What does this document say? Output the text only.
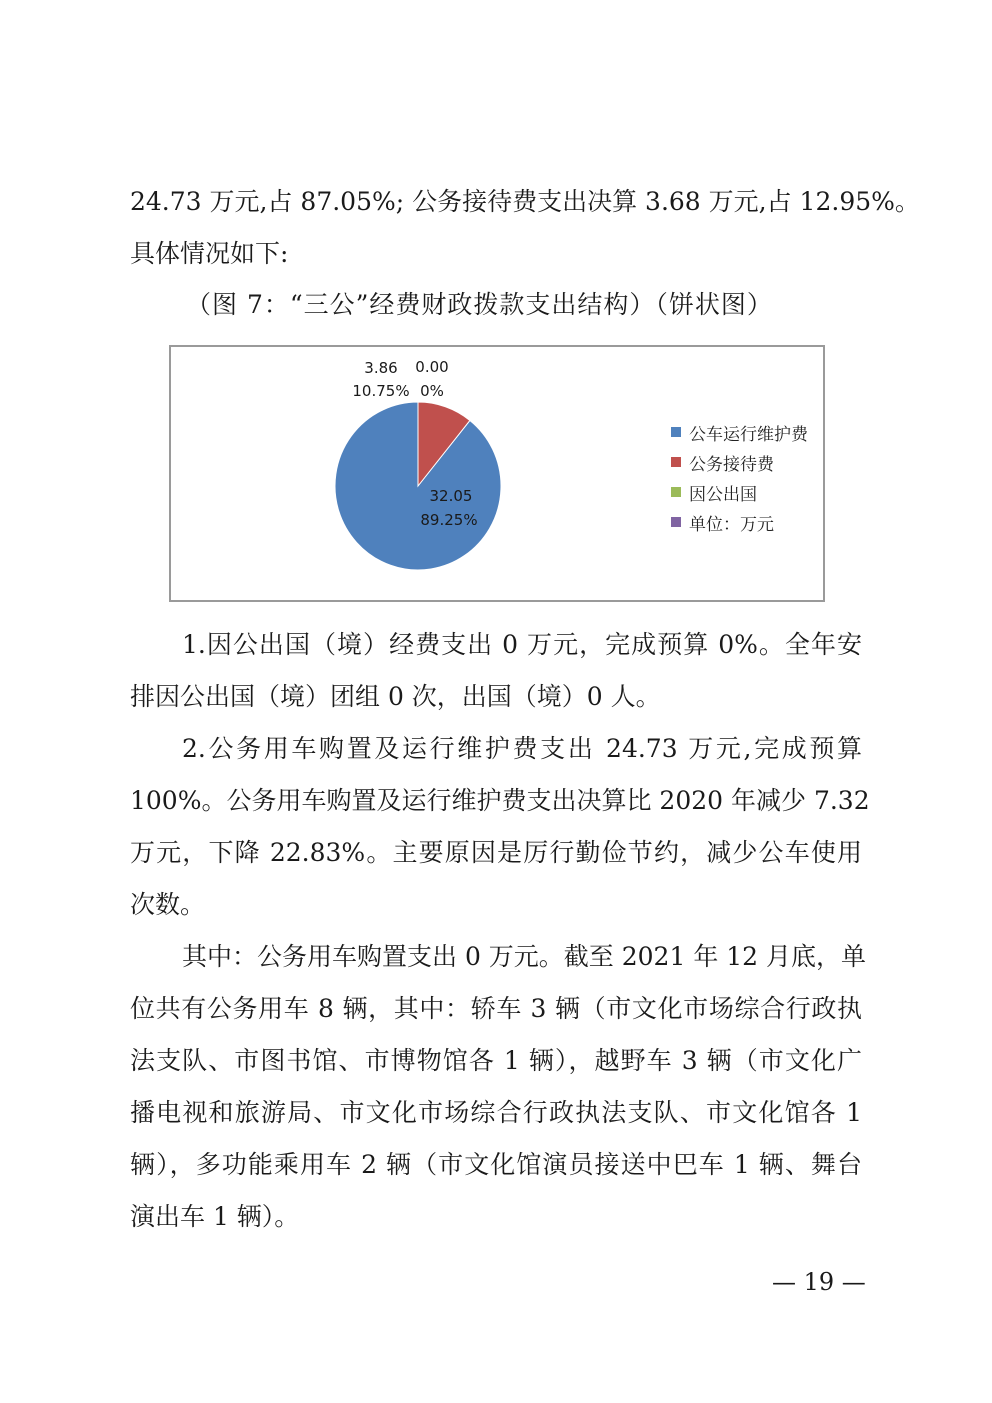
24.73 万元,占 87.05%; 公务接待费支出决算 3.68 万元,占 12.95%。
具体情况如下:
（图 7：“三公”经费财政拨款支出结构）（饼状图）
32.05
89.25%
3.86
10.75%
0.00
0%
公车运行维护费
公务接待费
因公出国
单位：万元
1.因公出国（境）经费支出 0 万元，完成预算 0%。全年安
排因公出国（境）团组 0 次，出国（境）0 人。
2.公务用车购置及运行维护费支出 24.73 万元,完成预算
100%。公务用车购置及运行维护费支出决算比 2020 年减少 7.32
万元，下降 22.83%。主要原因是厉行勤俭节约，减少公车使用
次数。
其中：公务用车购置支出 0 万元。截至 2021 年 12 月底，单
位共有公务用车 8 辆，其中：轿车 3 辆（市文化市场综合行政执
法支队、市图书馆、市博物馆各 1 辆），越野车 3 辆（市文化广
播电视和旅游局、市文化市场综合行政执法支队、市文化馆各 1
辆），多功能乘用车 2 辆（市文化馆演员接送中巴车 1 辆、舞台
演出车 1 辆）。
— 19 —
